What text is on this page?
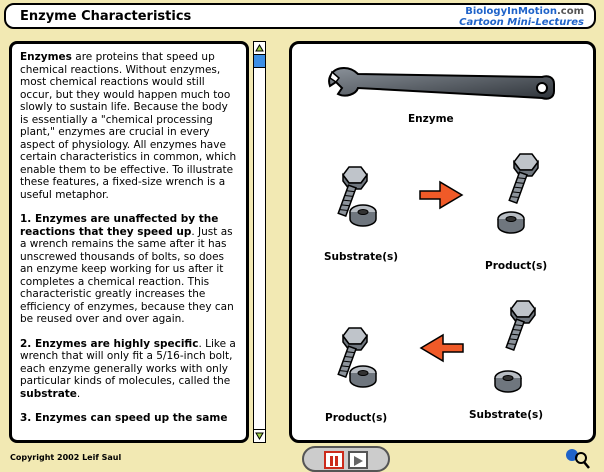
Enzyme Characteristics	BiologyInMotion.com
Cartoon Mini-Lectures

Enzymes are proteins that speed up chemical reactions. Without enzymes, most chemical reactions would still occur, but they would happen much too slowly to sustain life. Because the body is essentially a "chemical processing plant," enzymes are crucial in every aspect of physiology. All enzymes have certain characteristics in common, which enable them to be effective. To illustrate these features, a fixed-size wrench is a useful metaphor.

1. Enzymes are unaffected by the reactions that they speed up. Just as a wrench remains the same after it has unscrewed thousands of bolts, so does an enzyme keep working for us after it completes a chemical reaction. This characteristic greatly increases the efficiency of enzymes, because they can be reused over and over again.

2. Enzymes are highly specific. Like a wrench that will only fit a 5/16-inch bolt, each enzyme generally works with only particular kinds of molecules, called the substrate.

3. Enzymes can speed up the same

Enzyme
Substrate(s)
Product(s)
Product(s)	Substrate(s)
Copyright 2002 Leif Saul
